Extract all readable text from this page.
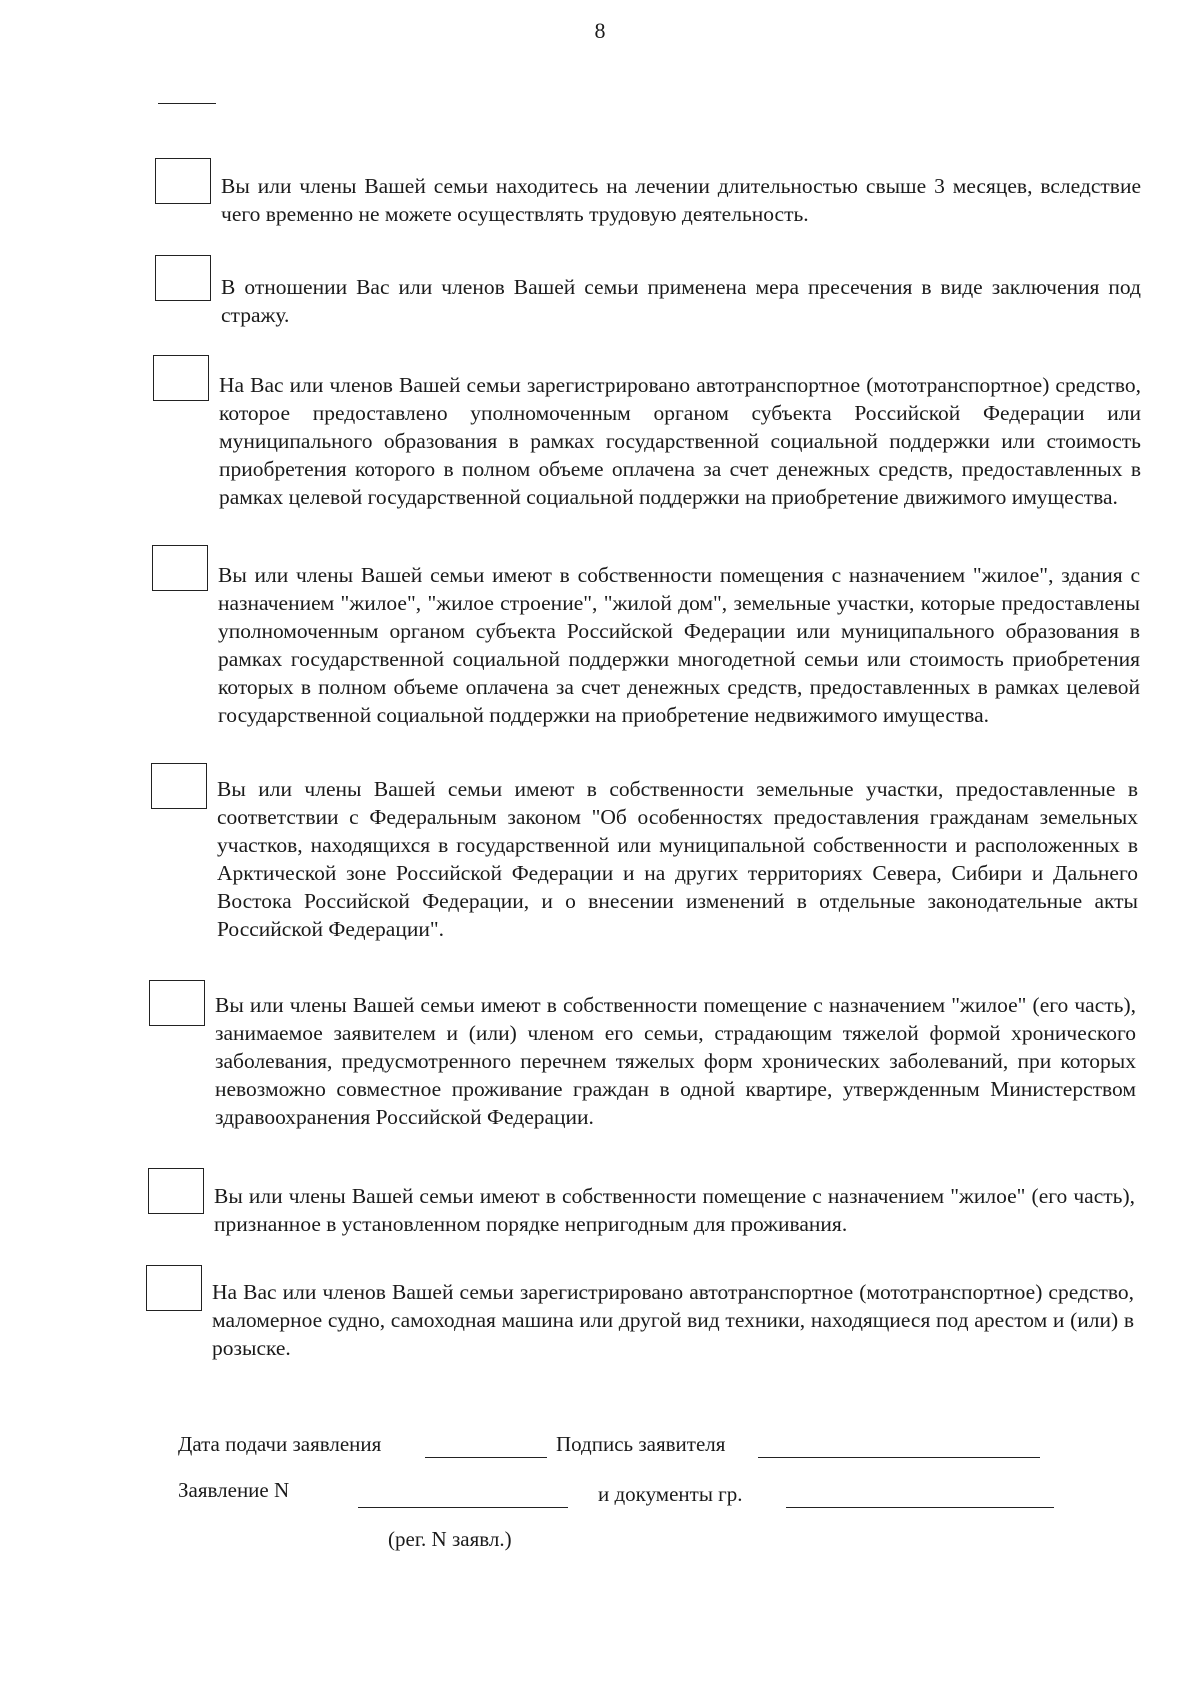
8
Вы или члены Вашей семьи находитесь на лечении длительностью свыше 3 месяцев, вследствие чего временно не можете осуществлять трудовую деятельность.
В отношении Вас или членов Вашей семьи применена мера пресечения в виде заключения под стражу.
На Вас или членов Вашей семьи зарегистрировано автотранспортное (мототранспортное) средство, которое предоставлено уполномоченным органом субъекта Российской Федерации или муниципального образования в рамках государственной социальной поддержки или стоимость приобретения которого в полном объеме оплачена за счет денежных средств, предоставленных в рамках целевой государственной социальной поддержки на приобретение движимого имущества.
Вы или члены Вашей семьи имеют в собственности помещения с назначением "жилое", здания с назначением "жилое", "жилое строение", "жилой дом", земельные участки, которые предоставлены уполномоченным органом субъекта Российской Федерации или муниципального образования в рамках государственной социальной поддержки многодетной семьи или стоимость приобретения которых в полном объеме оплачена за счет денежных средств, предоставленных в рамках целевой государственной социальной поддержки на приобретение недвижимого имущества.
Вы или члены Вашей семьи имеют в собственности земельные участки, предоставленные в соответствии с Федеральным законом "Об особенностях предоставления гражданам земельных участков, находящихся в государственной или муниципальной собственности и расположенных в Арктической зоне Российской Федерации и на других территориях Севера, Сибири и Дальнего Востока Российской Федерации, и о внесении изменений в отдельные законодательные акты Российской Федерации".
Вы или члены Вашей семьи имеют в собственности помещение с назначением "жилое" (его часть), занимаемое заявителем и (или) членом его семьи, страдающим тяжелой формой хронического заболевания, предусмотренного перечнем тяжелых форм хронических заболеваний, при которых невозможно совместное проживание граждан в одной квартире, утвержденным Министерством здравоохранения Российской Федерации.
Вы или члены Вашей семьи имеют в собственности помещение с назначением "жилое" (его часть), признанное в установленном порядке непригодным для проживания.
На Вас или членов Вашей семьи зарегистрировано автотранспортное (мототранспортное) средство, маломерное судно, самоходная машина или другой вид техники, находящиеся под арестом и (или) в розыске.
Дата подачи заявления	Подпись заявителя
Заявление N	и документы гр.
(рег. N заявл.)
